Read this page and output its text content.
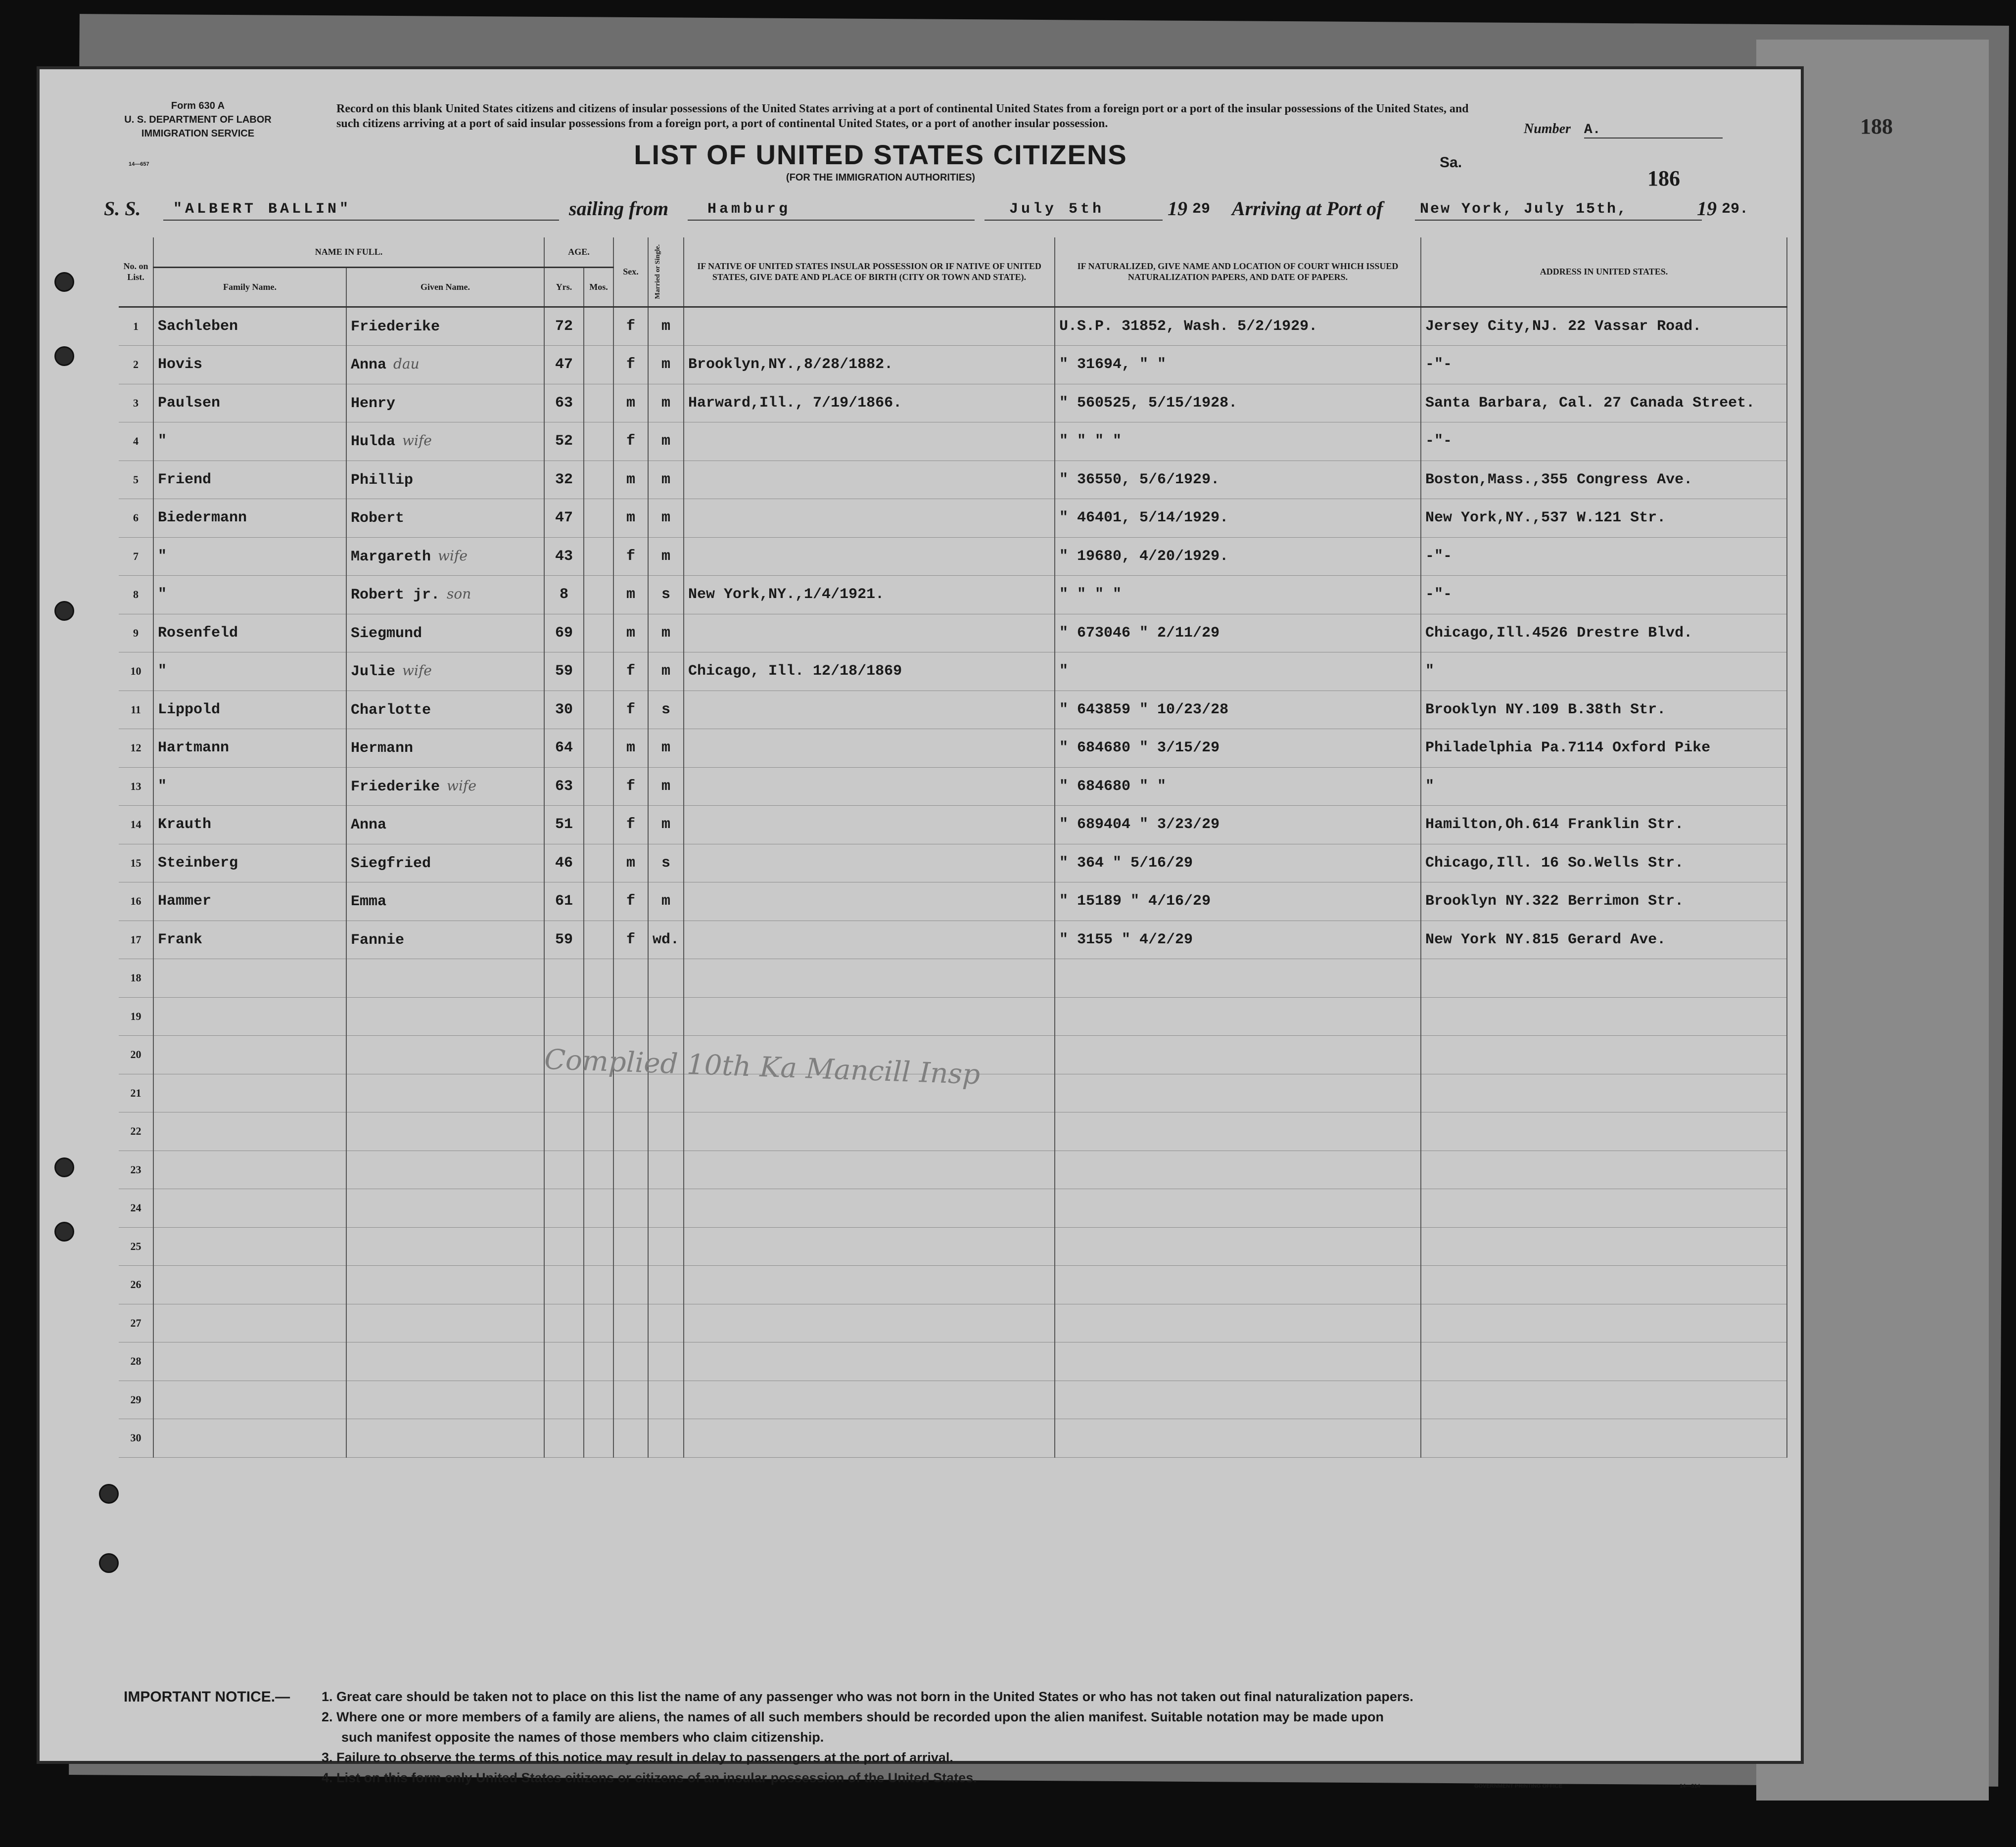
Form 630 A
U. S. DEPARTMENT OF LABOR
IMMIGRATION SERVICE
14—657
Record on this blank United States citizens and citizens of insular possessions of the United States arriving at a port of continental United States from a foreign port or a port of the insular possessions of the United States, and such citizens arriving at a port of said insular possessions from a foreign port, a port of continental United States, or a port of another insular possession.
LIST OF UNITED STATES CITIZENS
(FOR THE IMMIGRATION AUTHORITIES)
Number A.
Sa.
186
S. S. "ALBERT BALLIN"	sailing from	Hamburg	July 5th	19 29 Arriving at Port of New York, July 15th,	19 29.
No. on List.	NAME IN FULL.		AGE.		Sex.	Married or Single.	IF NATIVE OF UNITED STATES INSULAR POSSESSION OR IF NATIVE OF UNITED STATES, GIVE DATE AND PLACE OF BIRTH (CITY OR TOWN AND STATE).	IF NATURALIZED, GIVE NAME AND LOCATION OF COURT WHICH ISSUED NATURALIZATION PAPERS, AND DATE OF PAPERS.	ADDRESS IN UNITED STATES.
	Family Name.	Given Name.	Yrs.	Mos.					
1	Sachleben	Friederike	72		f	m		U.S.P. 31852, Wash. 5/2/1929.	Jersey City,NJ. 22 Vassar Road.
2	Hovis	Anna dau	47		f	m	Brooklyn,NY.,8/28/1882.	" 31694, " "	-"-
3	Paulsen	Henry	63		m	m	Harward,Ill., 7/19/1866.	" 560525, 5/15/1928.	Santa Barbara, Cal. 27 Canada Street.
4	"	Hulda wife	52		f	m		" " " "	-"-
5	Friend	Phillip	32		m	m		" 36550, 5/6/1929.	Boston,Mass.,355 Congress Ave.
6	Biedermann	Robert	47		m	m		" 46401, 5/14/1929.	New York,NY.,537 W.121 Str.
7	"	Margareth wife	43		f	m		" 19680, 4/20/1929.	-"-
8	"	Robert jr. son	8		m	s	New York,NY.,1/4/1921.	" " " "	-"-
9	Rosenfeld	Siegmund	69		m	m		" 673046 " 2/11/29	Chicago,Ill.4526 Drestre Blvd.
10	"	Julie wife	59		f	m	Chicago, Ill. 12/18/1869	"	"
11	Lippold	Charlotte	30		f	s		" 643859 " 10/23/28	Brooklyn NY.109 B.38th Str.
12	Hartmann	Hermann	64		m	m		" 684680 " 3/15/29	Philadelphia Pa.7114 Oxford Pike
13	"	Friederike wife	63		f	m		" 684680 " "	"
14	Krauth	Anna	51		f	m		" 689404 " 3/23/29	Hamilton,Oh.614 Franklin Str.
15	Steinberg	Siegfried	46		m	s		" 364 " 5/16/29	Chicago,Ill. 16 So.Wells Str.
16	Hammer	Emma	61		f	m		" 15189 " 4/16/29	Brooklyn NY.322 Berrimon Str.
17	Frank	Fannie	59		f	wd.		" 3155 " 4/2/29	New York NY.815 Gerard Ave.
18									
19									
20									
21									
22									
23									
24									
25									
26									
27									
28									
29									
30									
Complied 10th Ka Mancill Insp
IMPORTANT NOTICE.— 1. Great care should be taken not to place on this list the name of any passenger who was not born in the United States or who has not taken out final naturalization papers.
2. Where one or more members of a family are aliens, the names of all such members should be recorded upon the alien manifest. Suitable notation may be made upon
such manifest opposite the names of those members who claim citizenship.
3. Failure to observe the terms of this notice may result in delay to passengers at the port of arrival.
4. List on this form only United States citizens or citizens of an insular possession of the United States.
GOVERNMENT PRINTING OFFICE	14—314
188
